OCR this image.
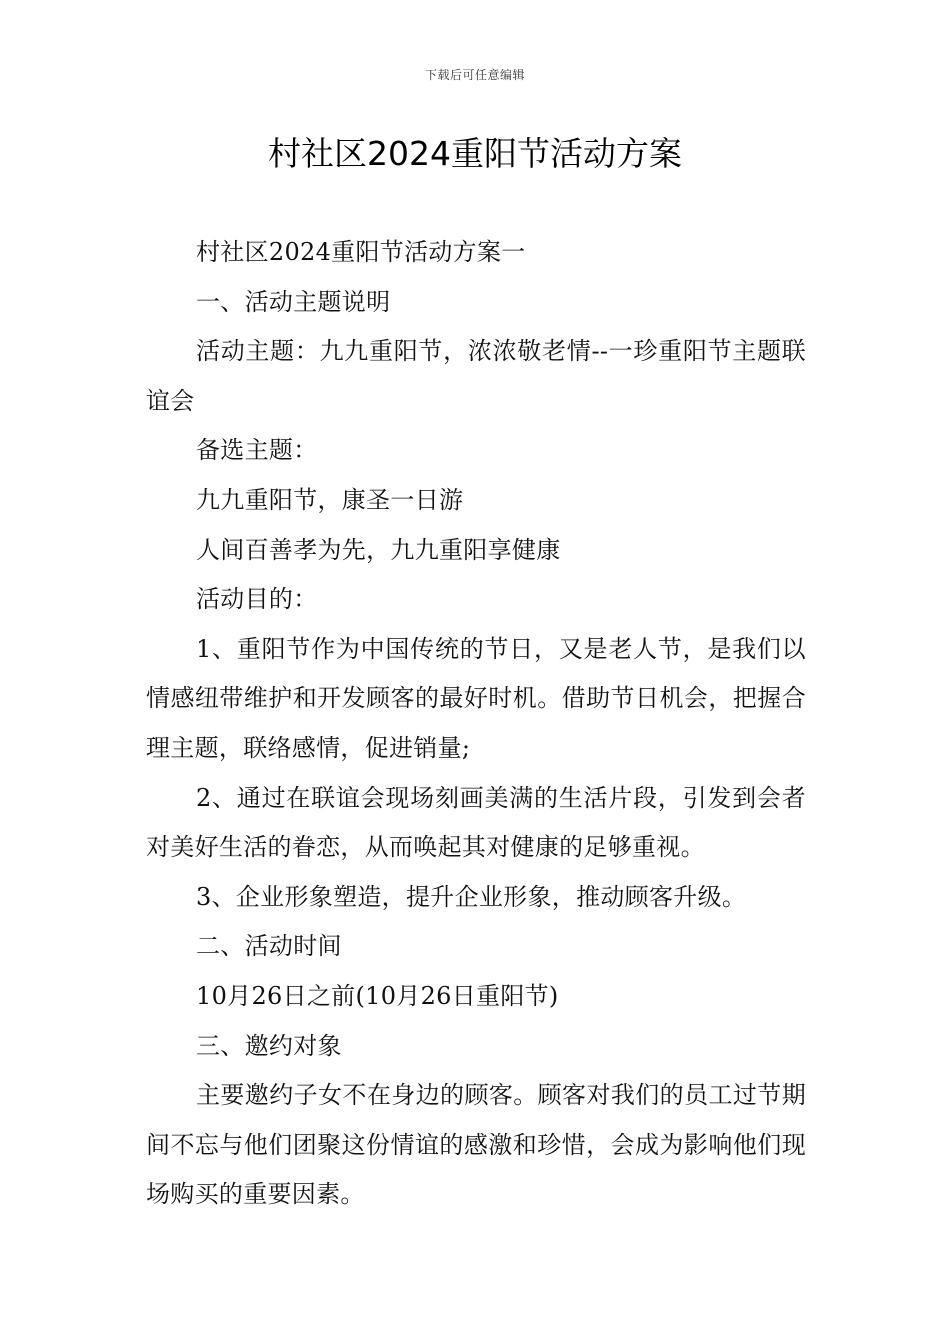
下载后可任意编辑
村社区2024重阳节活动方案

村社区2024重阳节活动方案一

一、活动主题说明

活动主题：九九重阳节，浓浓敬老情--一珍重阳节主题联谊会

备选主题：

九九重阳节，康圣一日游

人间百善孝为先，九九重阳享健康

活动目的：

1、重阳节作为中国传统的节日，又是老人节，是我们以情感纽带维护和开发顾客的最好时机。借助节日机会，把握合理主题，联络感情，促进销量;

2、通过在联谊会现场刻画美满的生活片段，引发到会者对美好生活的眷恋，从而唤起其对健康的足够重视。

3、企业形象塑造，提升企业形象，推动顾客升级。

二、活动时间

10月26日之前(10月26日重阳节)

三、邀约对象

主要邀约子女不在身边的顾客。顾客对我们的员工过节期间不忘与他们团聚这份情谊的感激和珍惜，会成为影响他们现场购买的重要因素。
